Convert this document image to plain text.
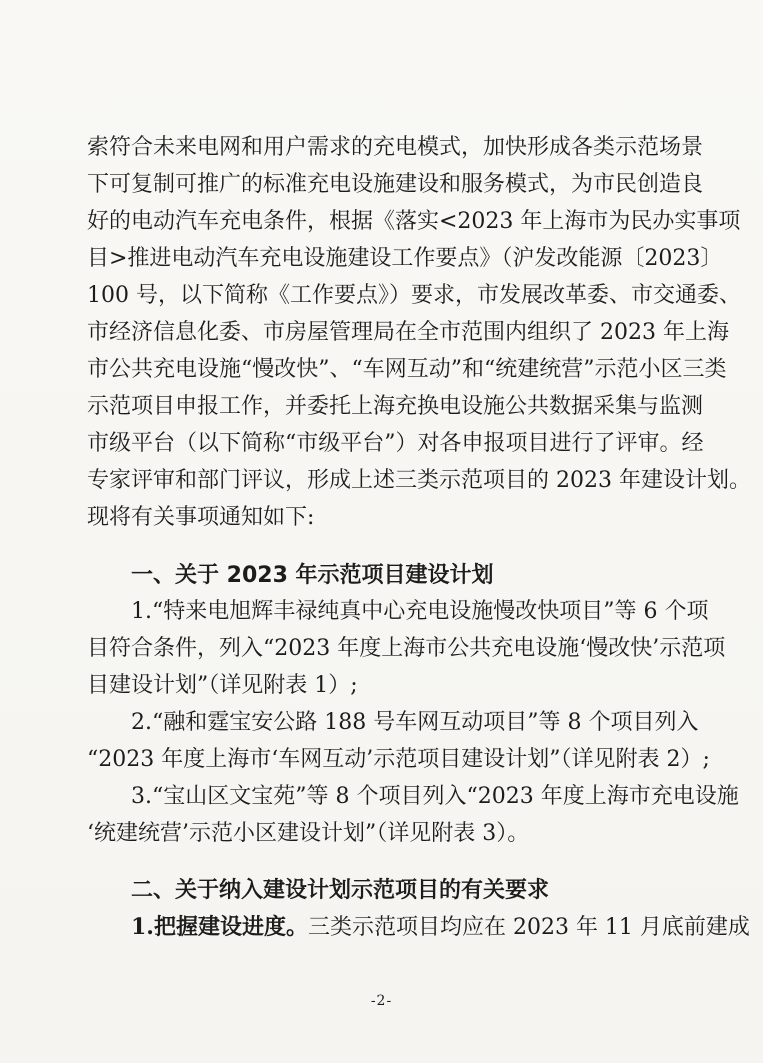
索符合未来电网和用户需求的充电模式，加快形成各类示范场景
下可复制可推广的标准充电设施建设和服务模式，为市民创造良
好的电动汽车充电条件，根据《落实<2023 年上海市为民办实事项
目>推进电动汽车充电设施建设工作要点》（沪发改能源〔2023〕
100 号，以下简称《工作要点》）要求，市发展改革委、市交通委、
市经济信息化委、市房屋管理局在全市范围内组织了 2023 年上海
市公共充电设施“慢改快”、“车网互动”和“统建统营”示范小区三类
示范项目申报工作，并委托上海充换电设施公共数据采集与监测
市级平台（以下简称“市级平台”）对各申报项目进行了评审。经
专家评审和部门评议，形成上述三类示范项目的 2023 年建设计划。
现将有关事项通知如下:
一、关于 2023 年示范项目建设计划
1.“特来电旭辉丰禄纯真中心充电设施慢改快项目”等 6 个项
目符合条件，列入“2023 年度上海市公共充电设施‘慢改快’示范项
目建设计划”（详见附表 1）;
2.“融和霆宝安公路 188 号车网互动项目”等 8 个项目列入
“2023 年度上海市‘车网互动’示范项目建设计划”（详见附表 2）;
3.“宝山区文宝苑”等 8 个项目列入“2023 年度上海市充电设施
‘统建统营’示范小区建设计划”（详见附表 3）。
二、关于纳入建设计划示范项目的有关要求
1.把握建设进度。三类示范项目均应在 2023 年 11 月底前建成
-2-
